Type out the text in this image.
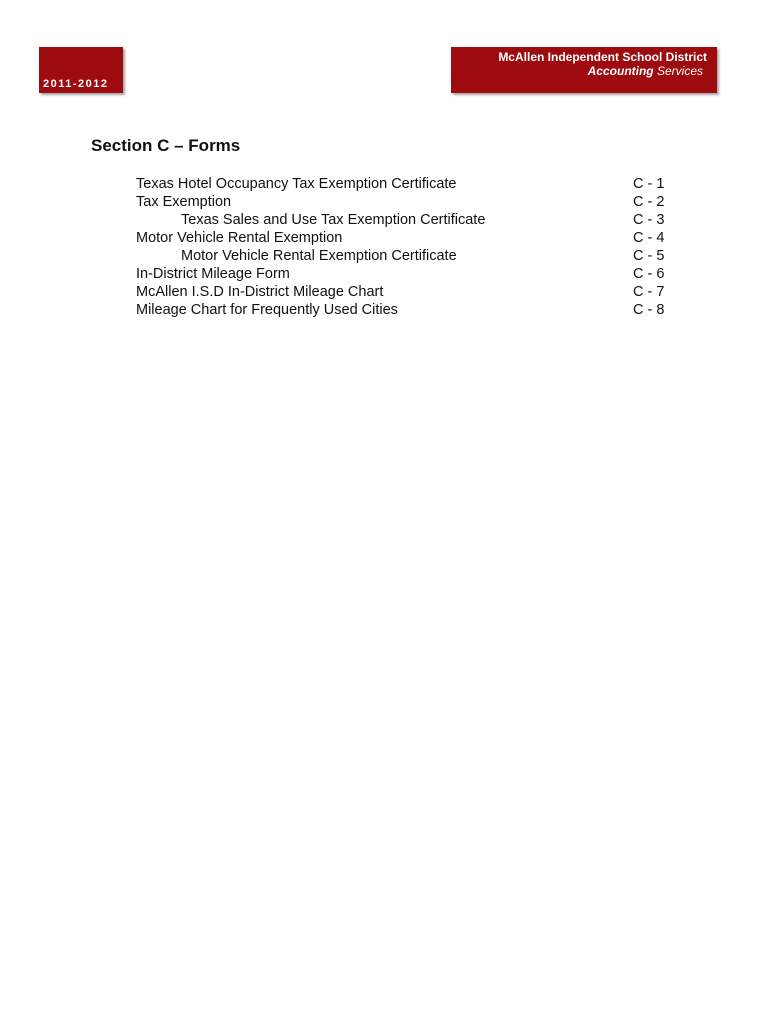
2011-2012
McAllen Independent School District
Accounting Services
Section C – Forms
Texas Hotel Occupancy Tax Exemption Certificate	C - 1
Tax Exemption	C - 2
Texas Sales and Use Tax Exemption Certificate	C - 3
Motor Vehicle Rental Exemption	C - 4
Motor Vehicle Rental Exemption Certificate	C - 5
In-District Mileage Form	C - 6
McAllen I.S.D In-District Mileage Chart	C - 7
Mileage Chart for Frequently Used Cities	C - 8
